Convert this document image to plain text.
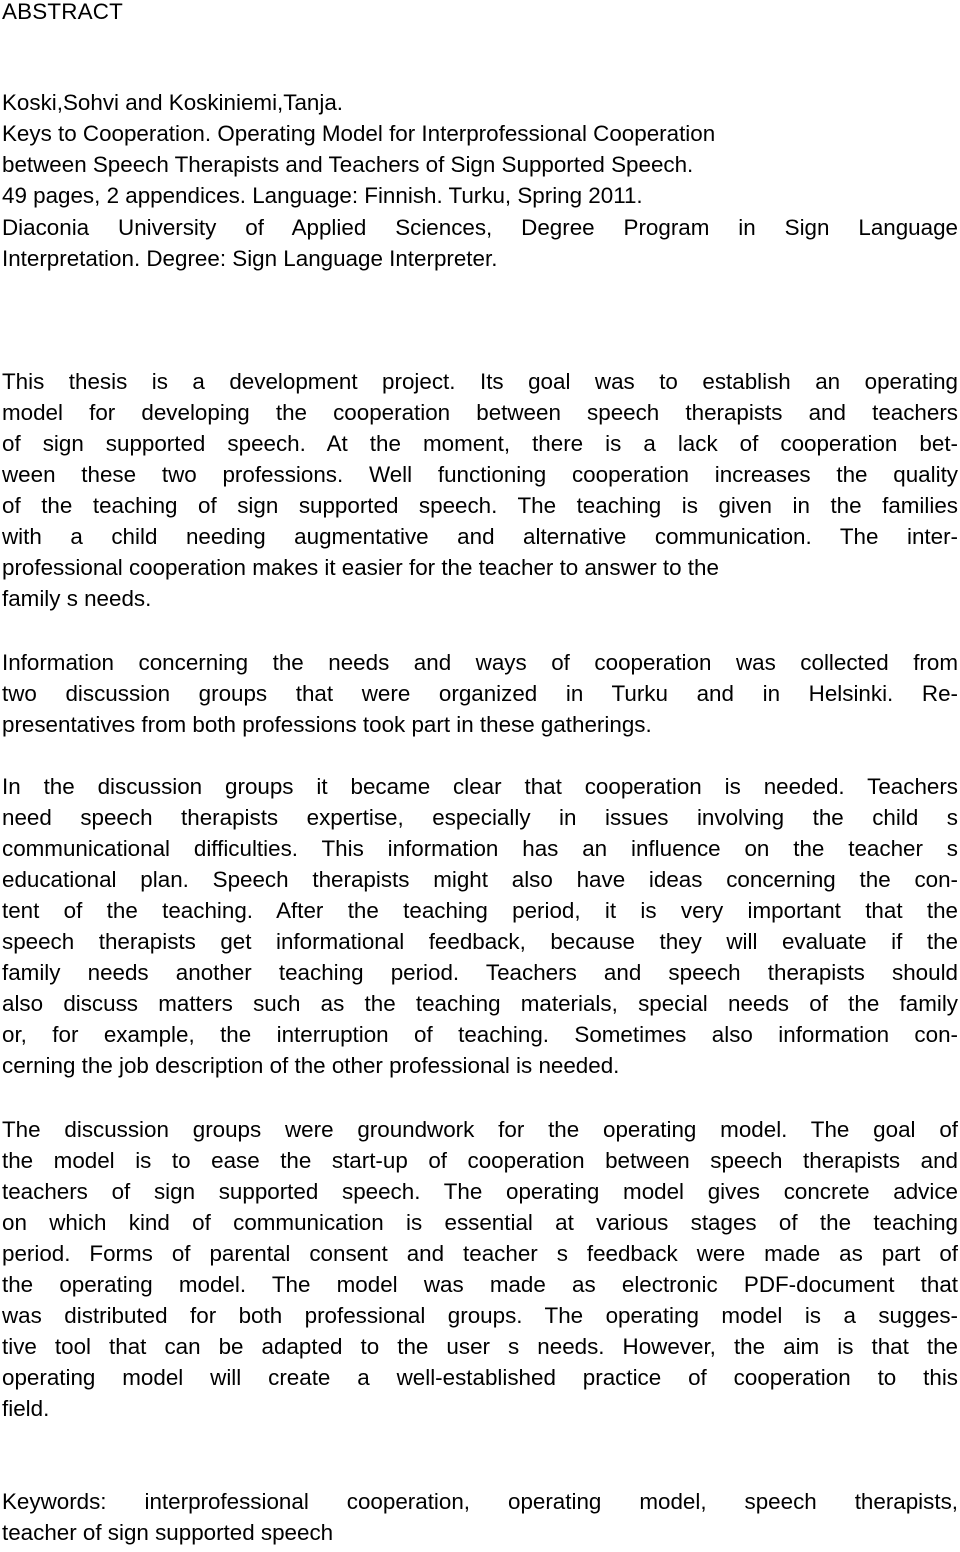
ABSTRACT
Koski,Sohvi and Koskiniemi,Tanja.
Keys to Cooperation. Operating Model for Interprofessional Cooperation
between Speech Therapists and Teachers of Sign Supported Speech.
49 pages, 2 appendices. Language: Finnish. Turku, Spring 2011.
Diaconia University of Applied Sciences, Degree Program in Sign Language
Interpretation. Degree: Sign Language Interpreter.
This thesis is a development project. Its goal was to establish an operating
model for developing the cooperation between speech therapists and teachers
of sign supported speech. At the moment, there is a lack of cooperation bet-
ween these two professions. Well functioning cooperation increases the quality
of the teaching of sign supported speech. The teaching is given in the families
with a child needing augmentative and alternative communication. The inter-
professional cooperation makes it easier for the teacher to answer to the
family s needs.
Information concerning the needs and ways of cooperation was collected from
two discussion groups that were organized in Turku and in Helsinki. Re-
presentatives from both professions took part in these gatherings.
In the discussion groups it became clear that cooperation is needed. Teachers
need speech therapists expertise, especially in issues involving the child s
communicational difficulties. This information has an influence on the teacher s
educational plan. Speech therapists might also have ideas concerning the con-
tent of the teaching. After the teaching period, it is very important that the
speech therapists get informational feedback, because they will evaluate if the
family needs another teaching period. Teachers and speech therapists should
also discuss matters such as the teaching materials, special needs of the family
or, for example, the interruption of teaching. Sometimes also information con-
cerning the job description of the other professional is needed.
The discussion groups were groundwork for the operating model. The goal of
the model is to ease the start-up of cooperation between speech therapists and
teachers of sign supported speech. The operating model gives concrete advice
on which kind of communication is essential at various stages of the teaching
period. Forms of parental consent and teacher s feedback were made as part of
the operating model. The model was made as electronic PDF-document that
was distributed for both professional groups. The operating model is a sugges-
tive tool that can be adapted to the user s needs. However, the aim is that the
operating model will create a well-established practice of cooperation to this
field.
Keywords: interprofessional cooperation, operating model, speech therapists,
teacher of sign supported speech
